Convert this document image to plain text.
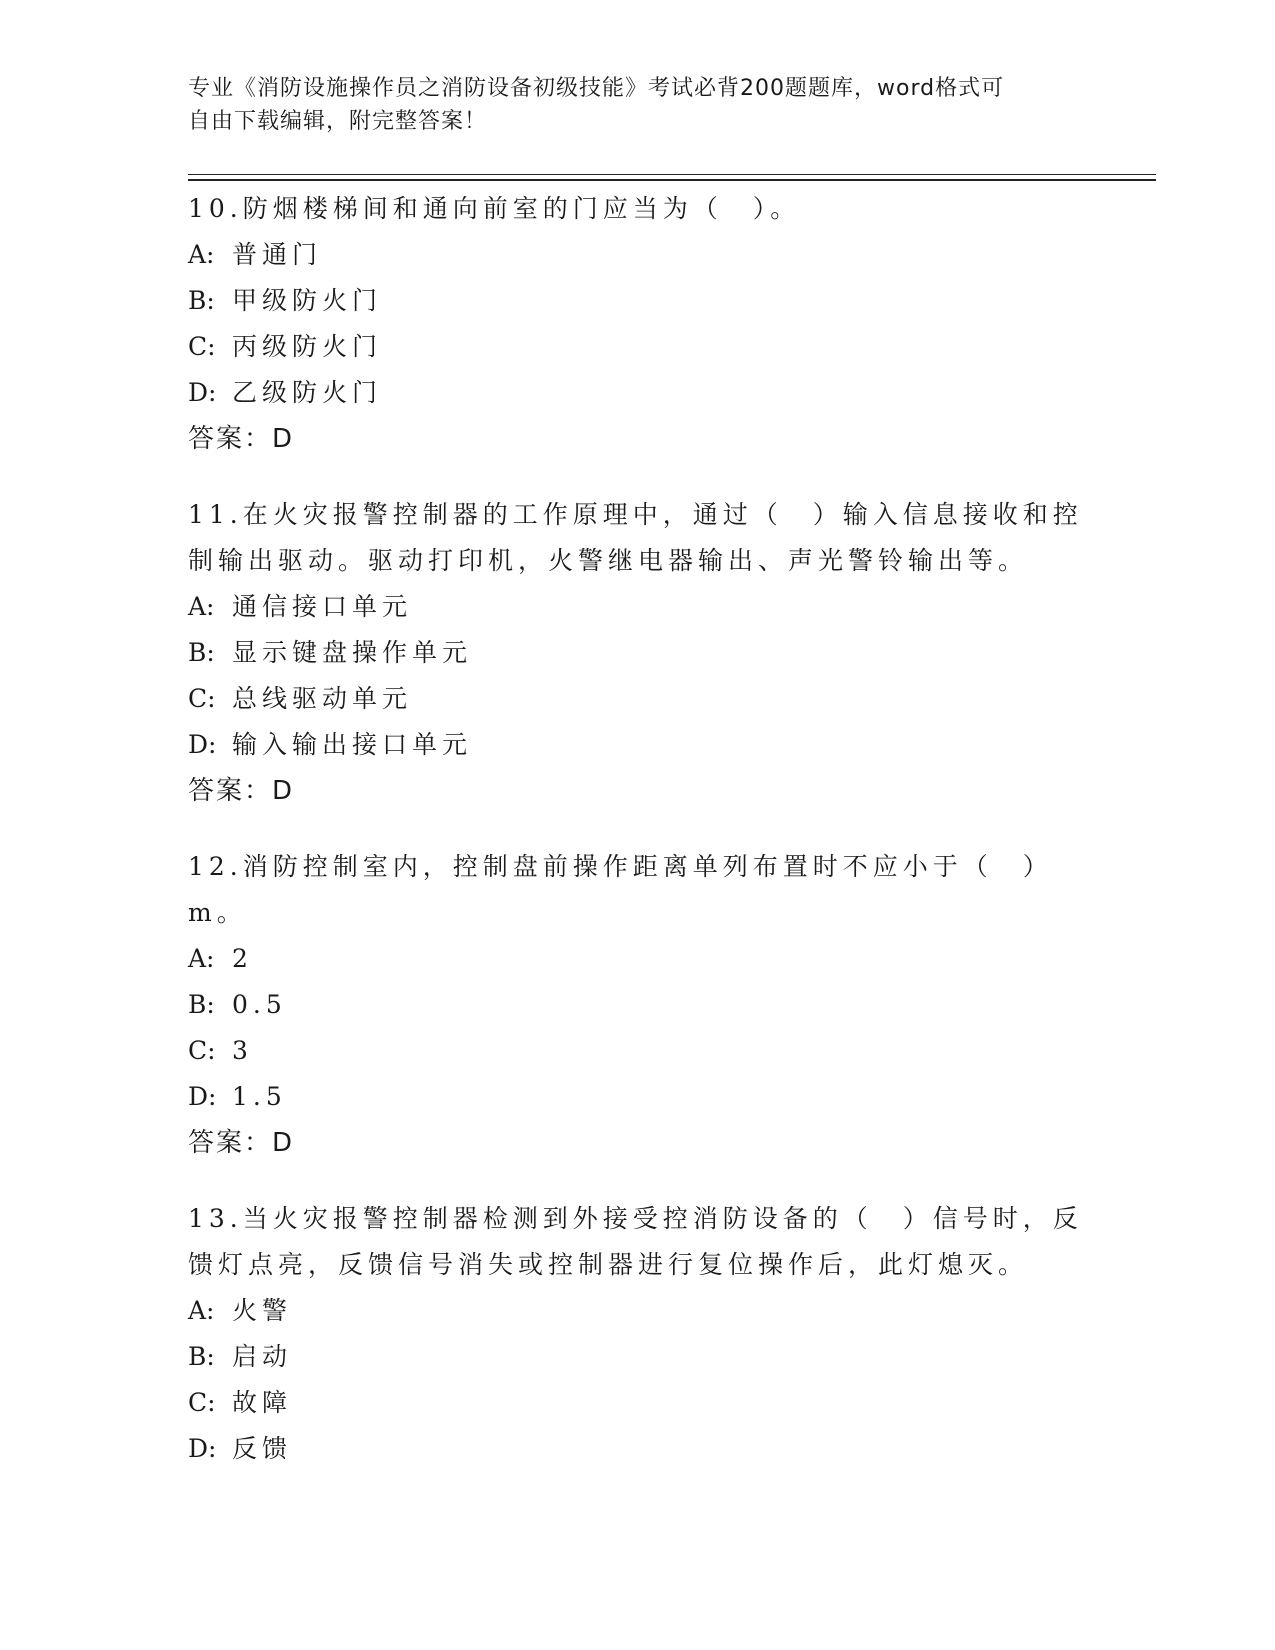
专业《消防设施操作员之消防设备初级技能》考试必背200题题库，word格式可
自由下载编辑，附完整答案！

10.防烟楼梯间和通向前室的门应当为（　）。

A: 普通门

B: 甲级防火门

C: 丙级防火门

D: 乙级防火门

答案：D

11.在火灾报警控制器的工作原理中，通过（　）输入信息接收和控制输出驱动。驱动打印机，火警继电器输出、声光警铃输出等。

A: 通信接口单元

B: 显示键盘操作单元

C: 总线驱动单元

D: 输入输出接口单元

答案：D

12.消防控制室内，控制盘前操作距离单列布置时不应小于（　）m。

A: 2

B: 0.5

C: 3

D: 1.5

答案：D

13.当火灾报警控制器检测到外接受控消防设备的（　）信号时，反馈灯点亮，反馈信号消失或控制器进行复位操作后，此灯熄灭。

A: 火警

B: 启动

C: 故障

D: 反馈
